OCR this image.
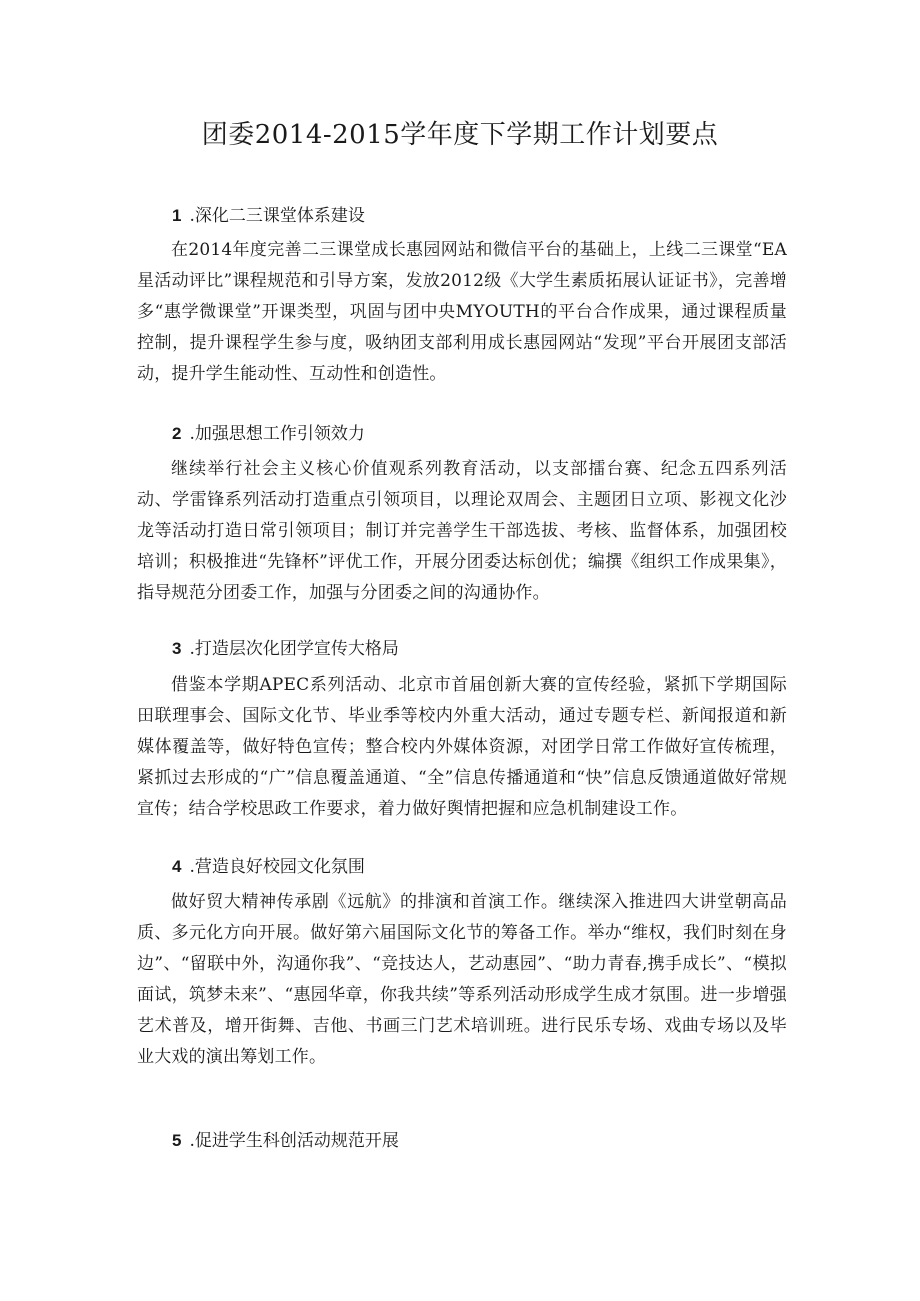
团委2014-2015学年度下学期工作计划要点
1 .深化二三课堂体系建设

在2014年度完善二三课堂成长惠园网站和微信平台的基础上，上线二三课堂“EA星活动评比”课程规范和引导方案，发放2012级《大学生素质拓展认证证书》，完善增多“惠学微课堂”开课类型，巩固与团中央MYOUTH的平台合作成果，通过课程质量控制，提升课程学生参与度，吸纳团支部利用成长惠园网站“发现”平台开展团支部活动，提升学生能动性、互动性和创造性。

2 .加强思想工作引领效力

继续举行社会主义核心价值观系列教育活动，以支部擂台赛、纪念五四系列活动、学雷锋系列活动打造重点引领项目，以理论双周会、主题团日立项、影视文化沙龙等活动打造日常引领项目；制订并完善学生干部选拔、考核、监督体系，加强团校培训；积极推进“先锋杯”评优工作，开展分团委达标创优；编撰《组织工作成果集》，指导规范分团委工作，加强与分团委之间的沟通协作。

3 .打造层次化团学宣传大格局

借鉴本学期APEC系列活动、北京市首届创新大赛的宣传经验，紧抓下学期国际田联理事会、国际文化节、毕业季等校内外重大活动，通过专题专栏、新闻报道和新媒体覆盖等，做好特色宣传；整合校内外媒体资源，对团学日常工作做好宣传梳理，紧抓过去形成的“广”信息覆盖通道、“全”信息传播通道和“快”信息反馈通道做好常规宣传；结合学校思政工作要求，着力做好舆情把握和应急机制建设工作。

4 .营造良好校园文化氛围

做好贸大精神传承剧《远航》的排演和首演工作。继续深入推进四大讲堂朝高品质、多元化方向开展。做好第六届国际文化节的筹备工作。举办“维权，我们时刻在身边”、“留联中外，沟通你我”、“竞技达人，艺动惠园”、“助力青春,携手成长”、“模拟面试，筑梦未来”、“惠园华章，你我共续”等系列活动形成学生成才氛围。进一步增强艺术普及，增开街舞、吉他、书画三门艺术培训班。进行民乐专场、戏曲专场以及毕业大戏的演出筹划工作。

5 .促进学生科创活动规范开展
